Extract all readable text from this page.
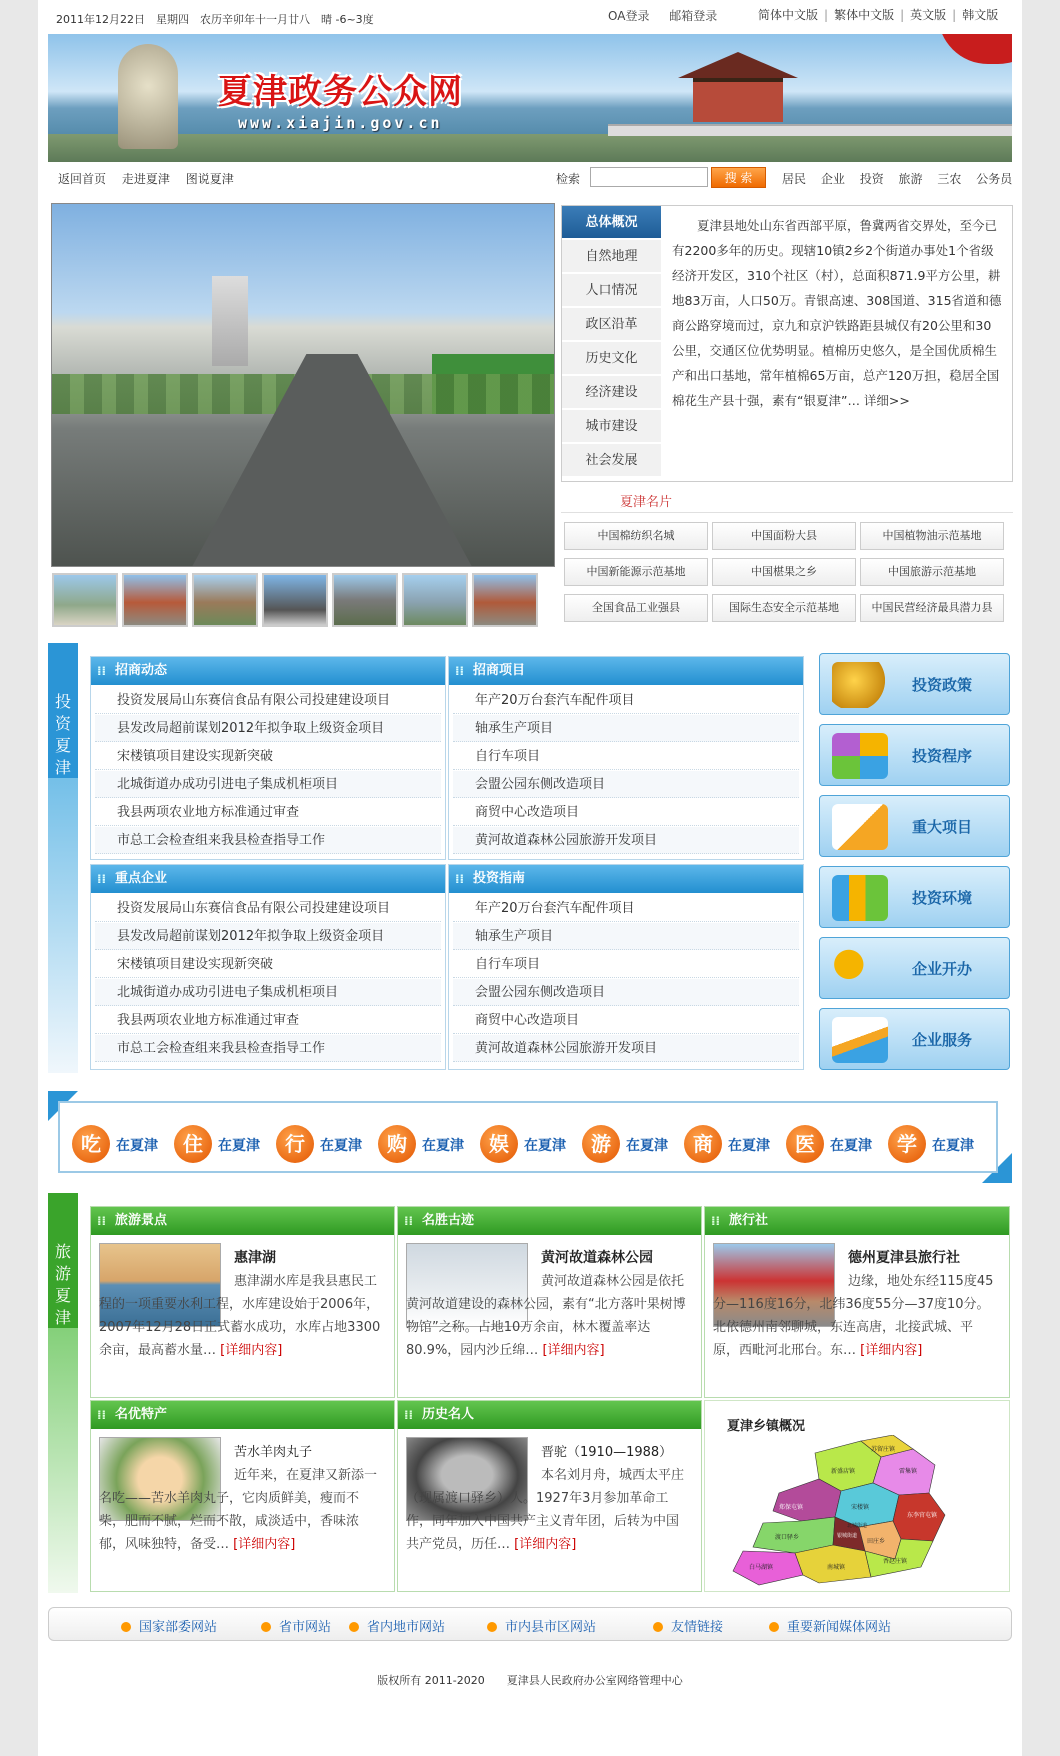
2011年12月22日　星期四　农历辛卯年十一月廿八　晴 -6~3度	OA登录 邮箱登录	简体中文版 | 繁体中文版 | 英文版 | 韩文版
夏津政务公众网
www.xiajin.gov.cn
返回首页 走进夏津 图说夏津	检索	搜 索	居民 企业 投资 旅游 三农 公务员
总体概况
自然地理
人口情况
政区沿革
历史文化
经济建设
城市建设
社会发展
夏津县地处山东省西部平原，鲁冀两省交界处，至今已有2200多年的历史。现辖10镇2乡2个街道办事处1个省级经济开发区，310个社区（村），总面积871.9平方公里，耕地83万亩，人口50万。青银高速、308国道、315省道和德商公路穿境而过，京九和京沪铁路距县城仅有20公里和30公里，交通区位优势明显。植棉历史悠久，是全国优质棉生产和出口基地，常年植棉65万亩，总产120万担，稳居全国棉花生产县十强，素有“银夏津”… 详细>>
夏津名片
中国棉纺织名城	中国面粉大县	中国植物油示范基地
中国新能源示范基地	中国椹果之乡	中国旅游示范基地
全国食品工业强县	国际生态安全示范基地	中国民营经济最具潜力县
投资夏津
⁞⁞ 招商动态
投资发展局山东赛信食品有限公司投建建设项目
县发改局超前谋划2012年拟争取上级资金项目
宋楼镇项目建设实现新突破
北城街道办成功引进电子集成机柜项目
我县两项农业地方标准通过审查
市总工会检查组来我县检查指导工作
⁞⁞ 招商项目
年产20万台套汽车配件项目
轴承生产项目
自行车项目
会盟公园东侧改造项目
商贸中心改造项目
黄河故道森林公园旅游开发项目
⁞⁞ 重点企业
投资发展局山东赛信食品有限公司投建建设项目
县发改局超前谋划2012年拟争取上级资金项目
宋楼镇项目建设实现新突破
北城街道办成功引进电子集成机柜项目
我县两项农业地方标准通过审查
市总工会检查组来我县检查指导工作
⁞⁞ 投资指南
年产20万台套汽车配件项目
轴承生产项目
自行车项目
会盟公园东侧改造项目
商贸中心改造项目
黄河故道森林公园旅游开发项目
投资政策
投资程序
重大项目
投资环境
企业开办
企业服务
吃	在夏津	住	在夏津	行	在夏津	购	在夏津	娱	在夏津	游	在夏津	商	在夏津	医	在夏津	学	在夏津
旅游夏津
⁞⁞ 旅游景点
惠津湖
惠津湖水库是我县惠民工程的一项重要水利工程，水库建设始于2006年，2007年12月28日正式蓄水成功，水库占地3300余亩，最高蓄水量… [详细内容]
⁞⁞ 名胜古迹
黄河故道森林公园
黄河故道森林公园是依托黄河故道建设的森林公园，素有“北方落叶果树博物馆”之称。占地10万余亩，林木覆盖率达80.9%，园内沙丘绵… [详细内容]
⁞⁞ 旅行社
德州夏津县旅行社
边缘，地处东经115度45分—116度16分，北纬36度55分—37度10分。北依德州南邻聊城，东连高唐，北接武城、平原，西毗河北邢台。东… [详细内容]
⁞⁞ 名优特产
苦水羊肉丸子
近年来，在夏津又新添一名吃——苦水羊肉丸子，它肉质鲜美，瘦而不柴，肥而不腻，烂而不散，咸淡适中，香味浓郁，风味独特，备受… [详细内容]
⁞⁞ 历史名人
晋驼（1910—1988）
本名刘月舟，城西太平庄（现属渡口驿乡）人。1927年3月参加革命工作，同年加入中国共产主义青年团，后转为中国共产党员，历任… [详细内容]
夏津乡镇概况
新盛店镇	雷集镇
苏留庄镇
郑保屯镇
东李官屯镇
白马湖镇	南城镇
香赵庄镇
宋楼镇
渡口驿乡
田庄乡
银城街道
北城街道
国家部委网站	省市网站	省内地市网站	市内县市区网站	友情链接	重要新闻媒体网站
版权所有 2011-2020　　夏津县人民政府办公室网络管理中心
